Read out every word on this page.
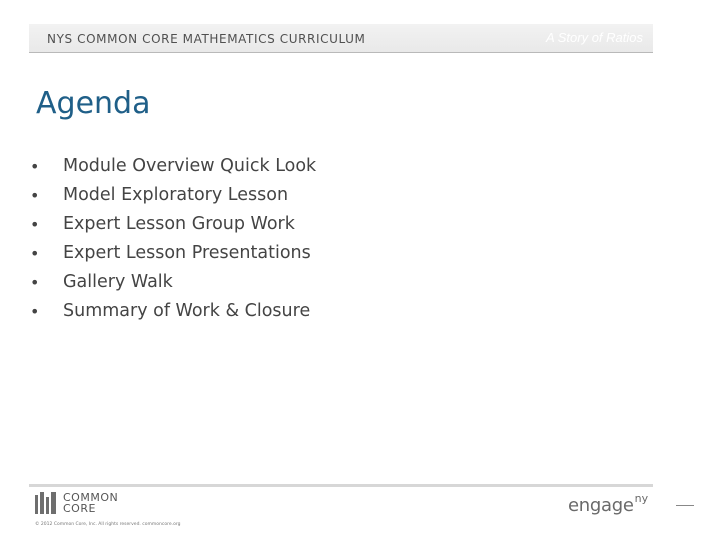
NYS COMMON CORE MATHEMATICS CURRICULUM	A Story of Ratios
Agenda
• Module Overview Quick Look
• Model Exploratory Lesson
• Expert Lesson Group Work
• Expert Lesson Presentations
• Gallery Walk
• Summary of Work & Closure
COMMON
CORE
© 2012 Common Core, Inc. All rights reserved. commoncore.org
engage$^{ny}$
